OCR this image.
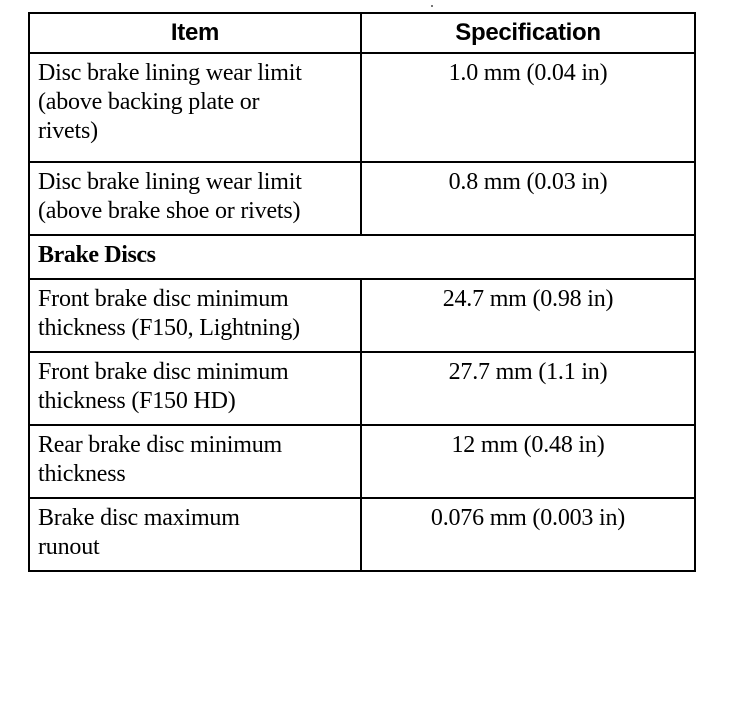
Item	Specification
Disc brake lining wear limit
(above backing plate or
rivets)	1.0 mm (0.04 in)
Disc brake lining wear limit
(above brake shoe or rivets)	0.8 mm (0.03 in)
Brake Discs	
Front brake disc minimum
thickness (F150, Lightning)	24.7 mm (0.98 in)
Front brake disc minimum
thickness (F150 HD)	27.7 mm (1.1 in)
Rear brake disc minimum
thickness	12 mm (0.48 in)
Brake disc maximum
runout	0.076 mm (0.003 in)
